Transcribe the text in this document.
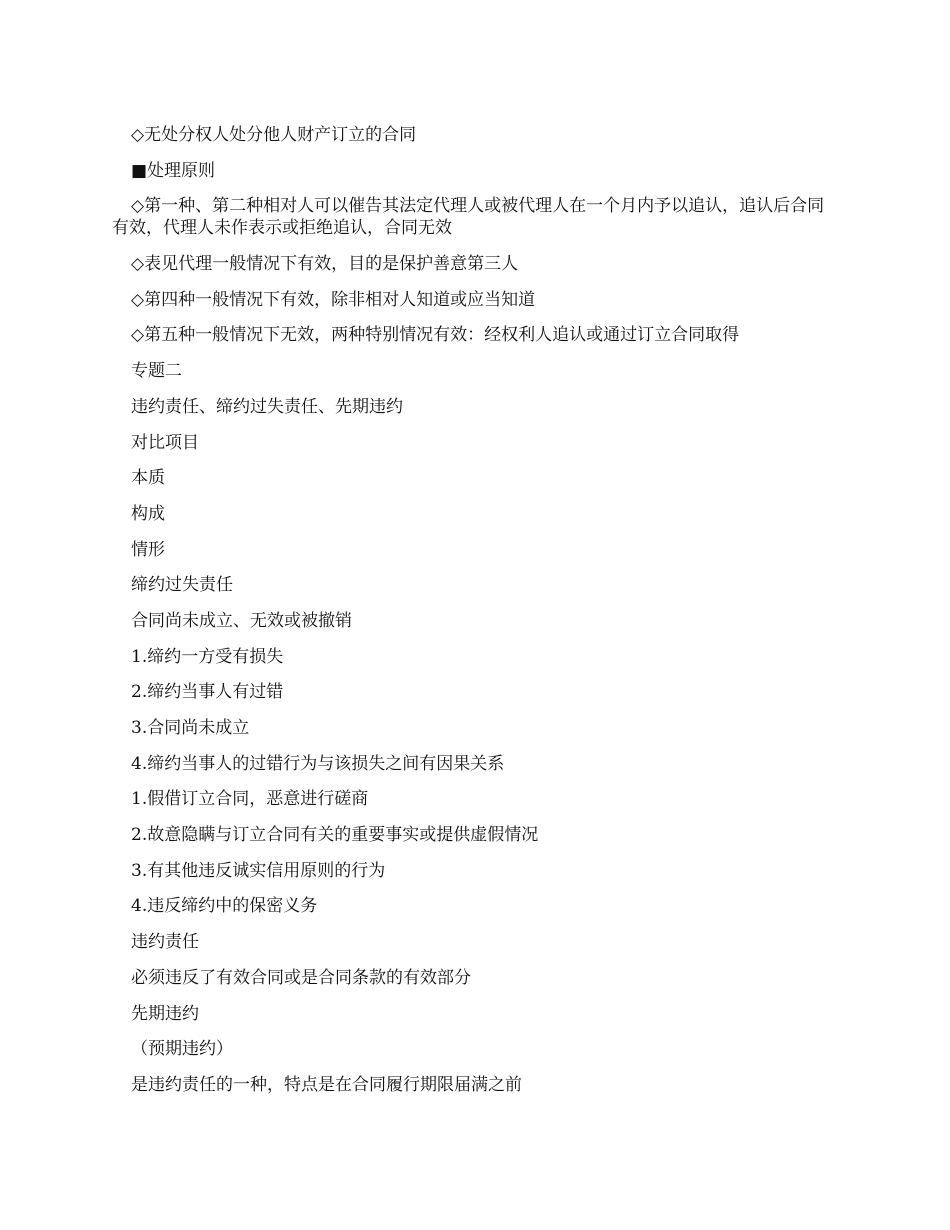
◇无处分权人处分他人财产订立的合同

■处理原则

◇第一种、第二种相对人可以催告其法定代理人或被代理人在一个月内予以追认，追认后合同有效，代理人未作表示或拒绝追认，合同无效

◇表见代理一般情况下有效，目的是保护善意第三人

◇第四种一般情况下有效，除非相对人知道或应当知道

◇第五种一般情况下无效，两种特别情况有效：经权利人追认或通过订立合同取得

专题二

违约责任、缔约过失责任、先期违约

对比项目

本质

构成

情形

缔约过失责任

合同尚未成立、无效或被撤销

1.缔约一方受有损失

2.缔约当事人有过错

3.合同尚未成立

4.缔约当事人的过错行为与该损失之间有因果关系

1.假借订立合同，恶意进行磋商

2.故意隐瞒与订立合同有关的重要事实或提供虚假情况

3.有其他违反诚实信用原则的行为

4.违反缔约中的保密义务

违约责任

必须违反了有效合同或是合同条款的有效部分

先期违约

（预期违约）

是违约责任的一种，特点是在合同履行期限届满之前
